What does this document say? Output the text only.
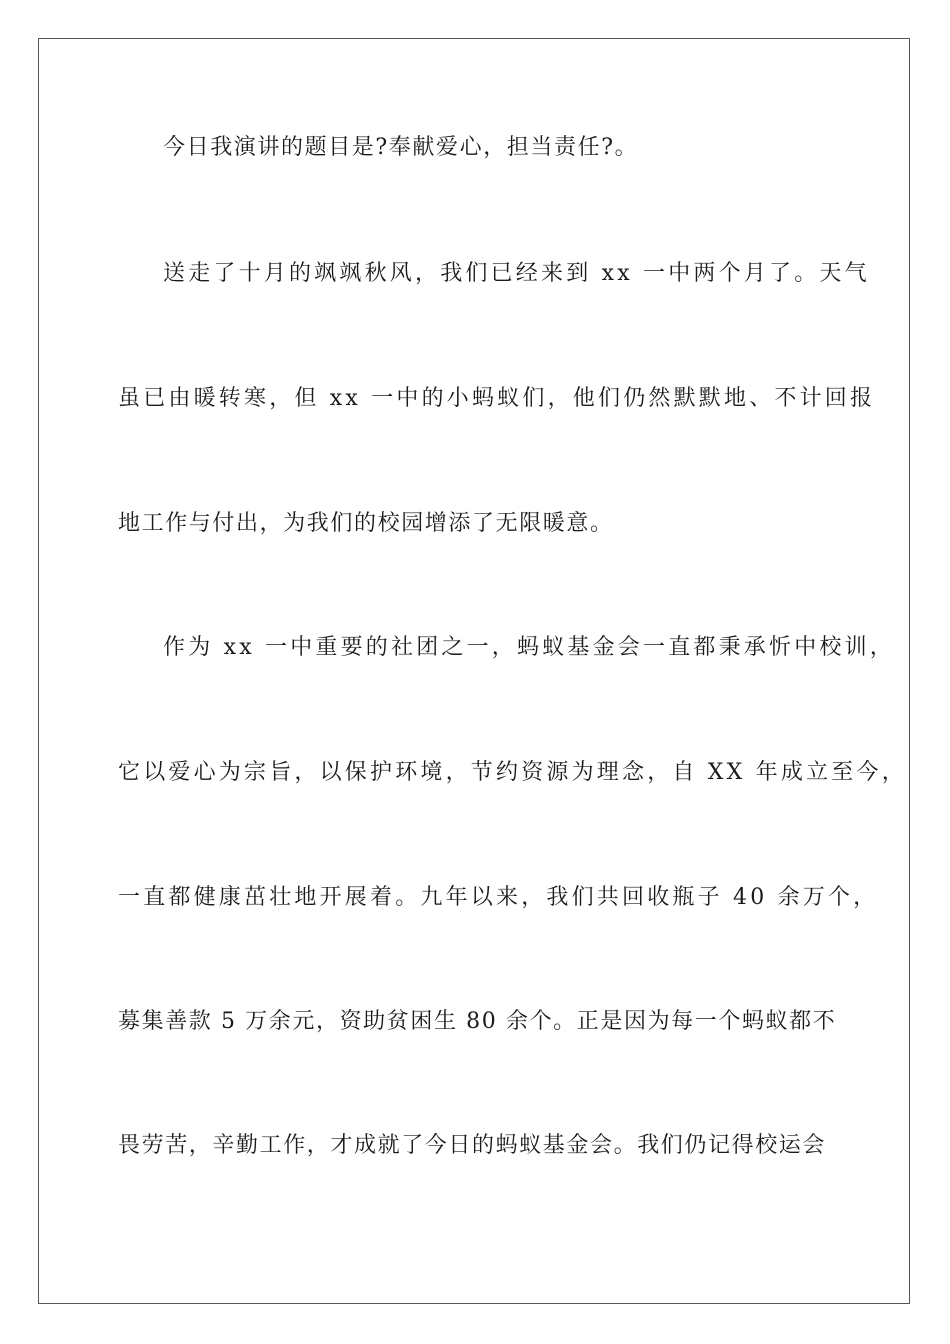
今日我演讲的题目是?奉献爱心，担当责任?。
送走了十月的飒飒秋风，我们已经来到 xx 一中两个月了。天气
虽已由暖转寒，但 xx 一中的小蚂蚁们，他们仍然默默地、不计回报
地工作与付出，为我们的校园增添了无限暖意。
作为 xx 一中重要的社团之一，蚂蚁基金会一直都秉承忻中校训，
它以爱心为宗旨，以保护环境，节约资源为理念，自 XX 年成立至今，
一直都健康茁壮地开展着。九年以来，我们共回收瓶子 40 余万个，
募集善款 5 万余元，资助贫困生 80 余个。正是因为每一个蚂蚁都不
畏劳苦，辛勤工作，才成就了今日的蚂蚁基金会。我们仍记得校运会
